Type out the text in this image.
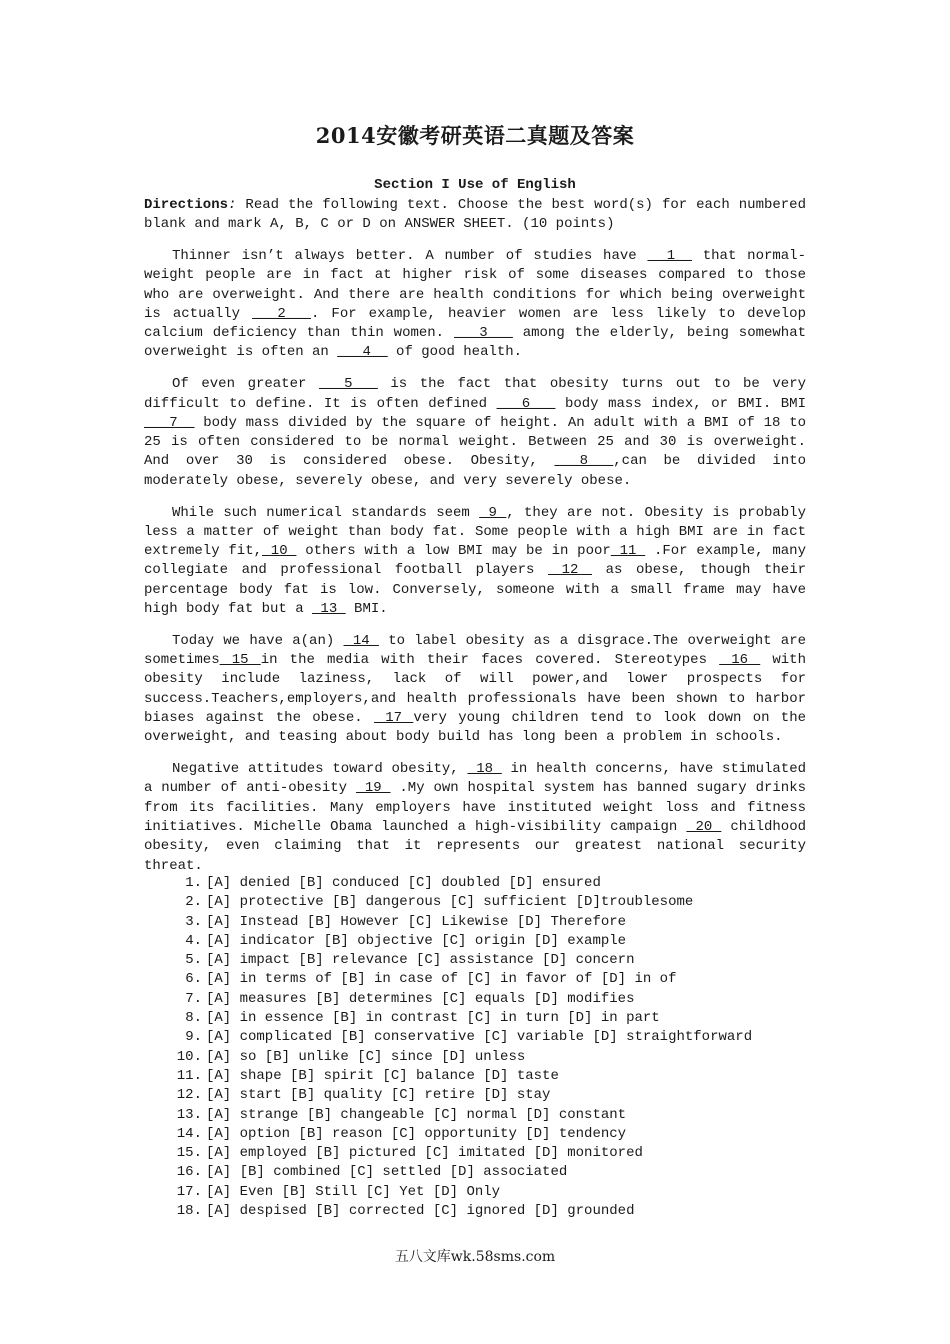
2014安徽考研英语二真题及答案
Section I Use of English
Directions: Read the following text. Choose the best word(s) for each numbered blank and mark A, B, C or D on ANSWER SHEET. (10 points)

Thinner isn’t always better. A number of studies have  _1__ that normal-weight people are in fact at higher risk of some diseases compared to those who are overweight. And there are health conditions for which being overweight is actually ___2___. For example, heavier women are less likely to develop calcium deficiency than thin women. ___3___ among the elderly, being somewhat overweight is often an ___4__ of good health.

Of even greater ___5___ is the fact that obesity turns out to be very difficult to define. It is often defined ___6___ body mass index, or BMI. BMI ___7__ body mass divided by the square of height. An adult with a BMI of 18 to 25 is often considered to be normal weight. Between 25 and 30 is overweight. And over 30 is considered obese. Obesity, ___8___,can be divided into moderately obese, severely obese, and very severely obese.

While such numerical standards seem  9 , they are not. Obesity is probably less a matter of weight than body fat. Some people with a high BMI are in fact extremely fit, 10  others with a low BMI may be in poor 11  .For example, many collegiate and professional football players  12  as obese, though their percentage body fat is low. Conversely, someone with a small frame may have high body fat but a  13  BMI.

Today we have a(an)  14  to label obesity as a disgrace.The overweight are sometimes 15 in the media with their faces covered. Stereotypes  16  with obesity include laziness, lack of will power,and lower prospects for success.Teachers,employers,and health professionals have been shown to harbor biases against the obese.  17 very young children tend to look down on the overweight, and teasing about body build has long been a problem in schools.

Negative attitudes toward obesity,  18  in health concerns, have stimulated a number of anti-obesity  19  .My own hospital system has banned sugary drinks from its facilities. Many employers have instituted weight loss and fitness initiatives. Michelle Obama launched a high-visibility campaign  20  childhood obesity, even claiming that it represents our greatest national security threat.

1. [A] denied [B] conduced [C] doubled [D] ensured
2. [A] protective [B] dangerous [C] sufficient [D]troublesome
3. [A] Instead [B] However [C] Likewise [D] Therefore
4. [A] indicator [B] objective [C] origin [D] example
5. [A] impact [B] relevance [C] assistance [D] concern
6. [A] in terms of [B] in case of [C] in favor of [D] in of
7. [A] measures [B] determines [C] equals [D] modifies
8. [A] in essence [B] in contrast [C] in turn [D] in part
9. [A] complicated [B] conservative [C] variable [D] straightforward
10. [A] so [B] unlike [C] since [D] unless
11. [A] shape [B] spirit [C] balance [D] taste
12. [A] start [B] quality [C] retire [D] stay
13. [A] strange [B] changeable [C] normal [D] constant
14. [A] option [B] reason [C] opportunity [D] tendency
15. [A] employed [B] pictured [C] imitated [D] monitored
16. [A] [B] combined [C] settled [D] associated
17. [A] Even [B] Still [C] Yet [D] Only
18. [A] despised [B] corrected [C] ignored [D] grounded
五八文库wk.58sms.com
